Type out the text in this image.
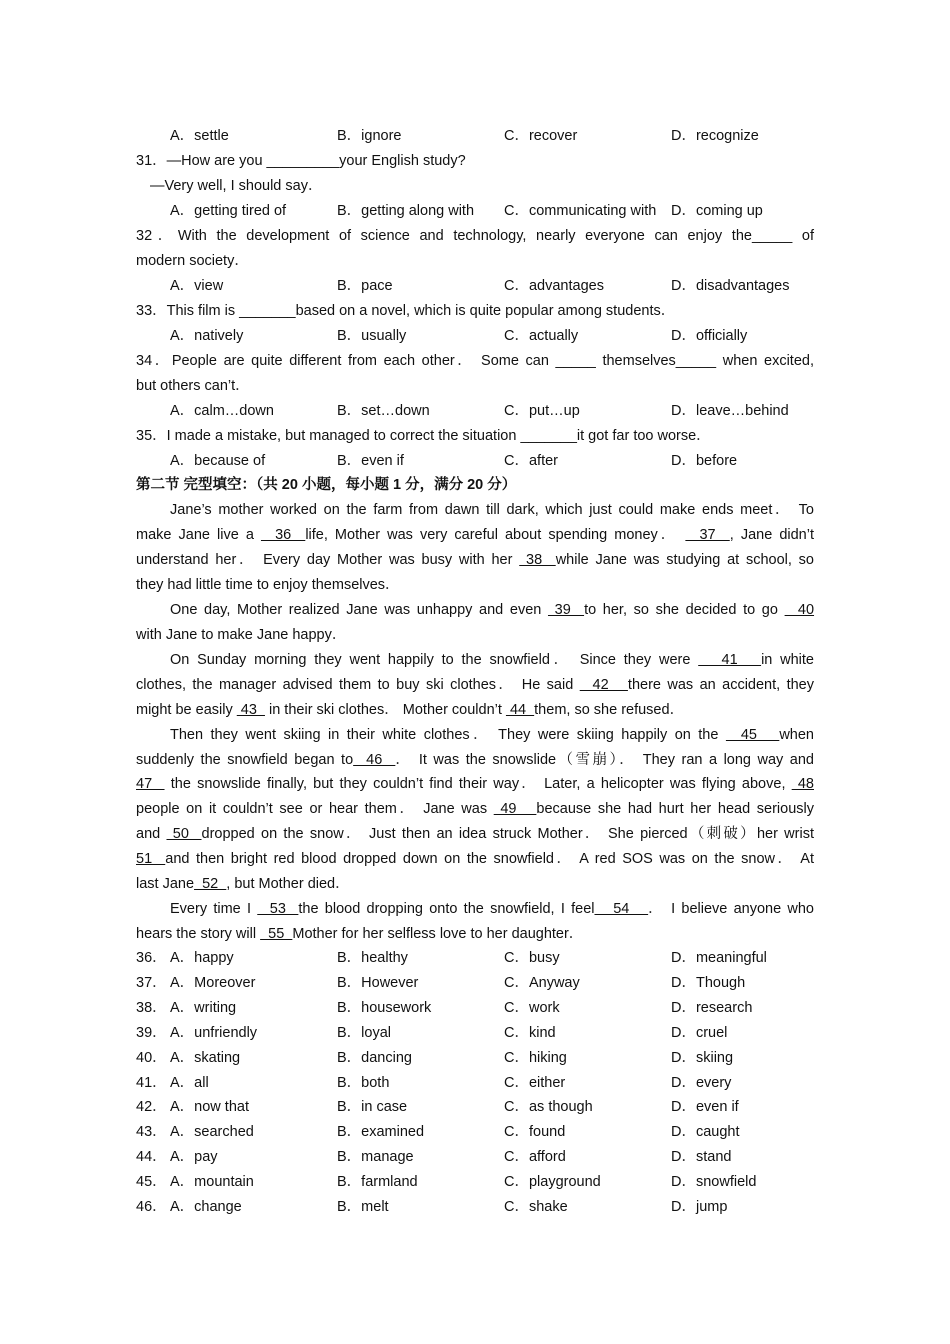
A．settle	B．ignore	C．recover	D．recognize
31．—How are you _________your English study?
—Very well, I should say．
A．getting tired of	B．getting along with C．communicating with D．coming up
32．With the development of science and technology, nearly everyone can enjoy the_____ of
modern society．
A．view	B．pace	C．advantages	D．disadvantages
33．This film is _______based on a novel, which is quite popular among students．
A．natively	B．usually	C．actually	D．officially
34．People are quite different from each other． Some can _____ themselves_____ when excited,
but others can’t．
A．calm…down	B．set…down	C．put…up	D．leave…behind
35．I made a mistake, but managed to correct the situation _______it got far too worse．
A．because of	B．even if	C．after	D．before
第二节 完型填空：（共 20 小题，每小题 1 分，满分 20 分）
Jane’s mother worked on the farm from dawn till dark, which just could make ends meet． To
make Jane live a   36  life, Mother was very careful about spending money．   37  , Jane didn’t
understand her． Every day Mother was busy with her  38  while Jane was studying at school, so
they had little time to enjoy themselves．
One day, Mother realized Jane was unhappy and even  39  to her, so she decided to go   40
with Jane to make Jane happy．
On Sunday morning they went happily to the snowfield． Since they were    41   in white
clothes, the manager advised them to buy ski clothes． He said   42   there was an accident, they
might be easily  43   in their ski clothes． Mother couldn’t  44  them, so she refused．
Then they went skiing in their white clothes． They were skiing happily on the   45   when
suddenly the snowfield began to  46  ． It was the snowslide（雪崩）． They ran a long way and
47   the snowslide finally, but they couldn’t find their way． Later, a helicopter was flying above,  48
people on it couldn’t see or hear them． Jane was  49   because she had hurt her head seriously
and  50  dropped on the snow． Just then an idea struck Mother． She pierced（刺破）her wrist
51  and then bright red blood dropped down on the snowfield． A red SOS was on the snow． At
last Jane  52  , but Mother died．
Every time I   53  the blood dropping onto the snowfield, I feel   54   ． I believe anyone who
hears the story will   55  Mother for her selfless love to her daughter．
36． A．happy	B．healthy	C．busy	D．meaningful
37． A．Moreover	B．However	C．Anyway	D．Though
38． A．writing	B．housework	C．work	D．research
39． A．unfriendly	B．loyal	C．kind	D．cruel
40． A．skating	B．dancing	C．hiking	D．skiing
41． A．all	B．both	C．either	D．every
42． A．now that	B．in case	C．as though	D．even if
43． A．searched	B．examined	C．found	D．caught
44． A．pay	B．manage	C．afford	D．stand
45． A．mountain	B．farmland	C．playground	D．snowfield
46． A．change	B．melt	C．shake	D．jump
